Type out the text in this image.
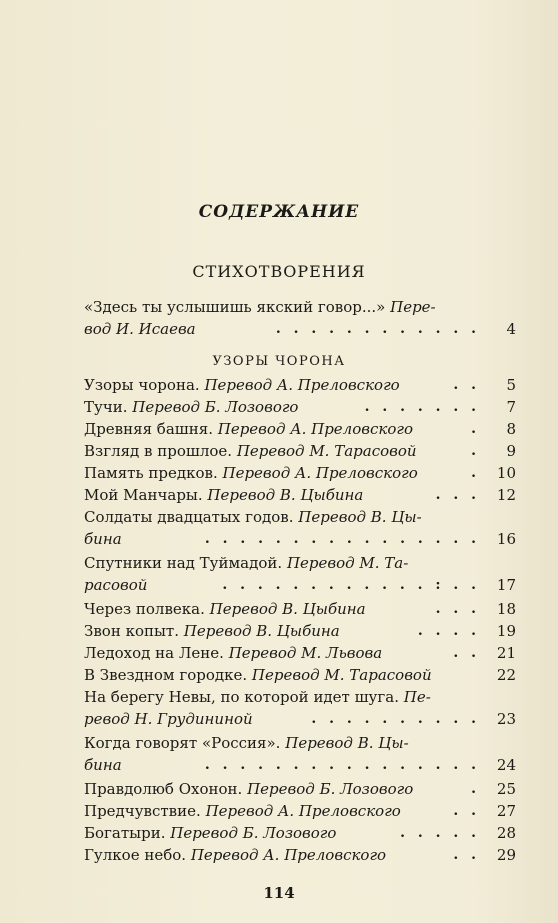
СОДЕРЖАНИЕ
СТИХОТВОРЕНИЯ
УЗОРЫ ЧОРОНА
«Здесь ты услышишь якский говор...» Пере-
вод И. Исаева	. . . . . . . . . . . .	4
Узоры чорона. Перевод А. Преловского	. .	5
Тучи. Перевод Б. Лозового	. . . . . . .	7
Древняя башня. Перевод А. Преловского	.	8
Взгляд в прошлое. Перевод М. Тарасовой	.	9
Память предков. Перевод А. Преловского	.	10
Мой Манчары. Перевод В. Цыбина	. . .	12
Солдаты двадцатых годов. Перевод В. Цы-
бина	. . . . . . . . . . . . . . . .	16
Спутники над Туймадой. Перевод М. Та-
расовой	. . . . . . . . . . . . : . .	17
Через полвека. Перевод В. Цыбина	. . .	18
Звон копыт. Перевод В. Цыбина	. . . .	19
Ледоход на Лене. Перевод М. Львова	. .	21
В Звездном городке. Перевод М. Тарасовой	22
На берегу Невы, по которой идет шуга. Пе-
ревод Н. Грудининой	. . . . . . . . . .	23
Когда говорят «Россия». Перевод В. Цы-
бина	. . . . . . . . . . . . . . . .	24
Правдолюб Охонон. Перевод Б. Лозового	.	25
Предчувствие. Перевод А. Преловского	. .	27
Богатыри. Перевод Б. Лозового	. . . . .	28
Гулкое небо. Перевод А. Преловского	. .	29
114
